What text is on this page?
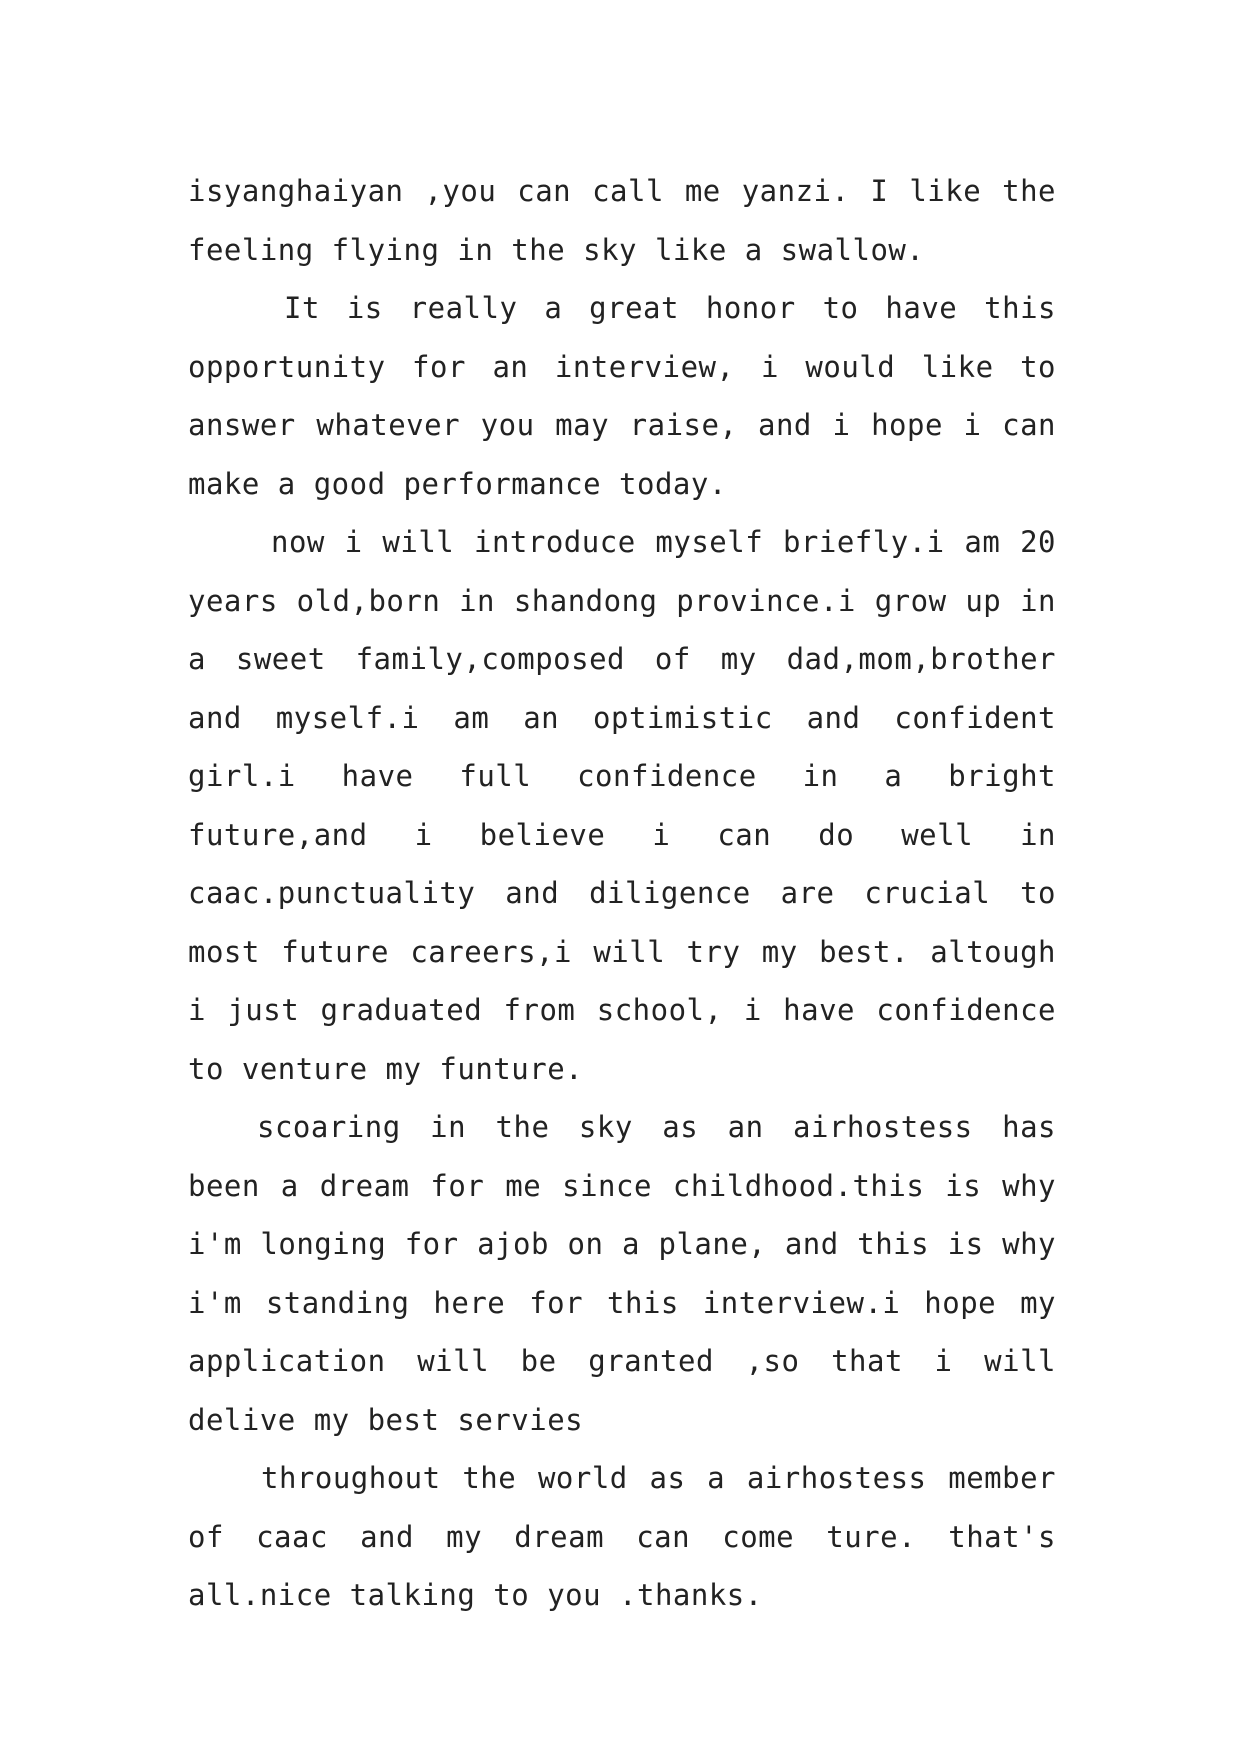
isyanghaiyan ,you can call me yanzi. I like the feeling flying in the sky like a swallow.

It is really a great honor to have this opportunity for an interview, i would like to answer whatever you may raise, and i hope i can make a good performance today.

now i will introduce myself briefly.i am 20 years old,born in shandong province.i grow up in a sweet family,composed of my dad,mom,brother and myself.i am an optimistic and confident girl.i have full confidence in a bright future,and i believe i can do well in caac.punctuality and diligence are crucial to most future careers,i will try my best. altough i just graduated from school, i have confidence to venture my funture.

scoaring in the sky as an airhostess has been a dream for me since childhood.this is why i'm longing for ajob on a plane, and this is why i'm standing here for this interview.i hope my application will be granted ,so that i will delive my best servies

throughout the world as a airhostess member of caac and my dream can come ture. that's all.nice talking to you .thanks.
